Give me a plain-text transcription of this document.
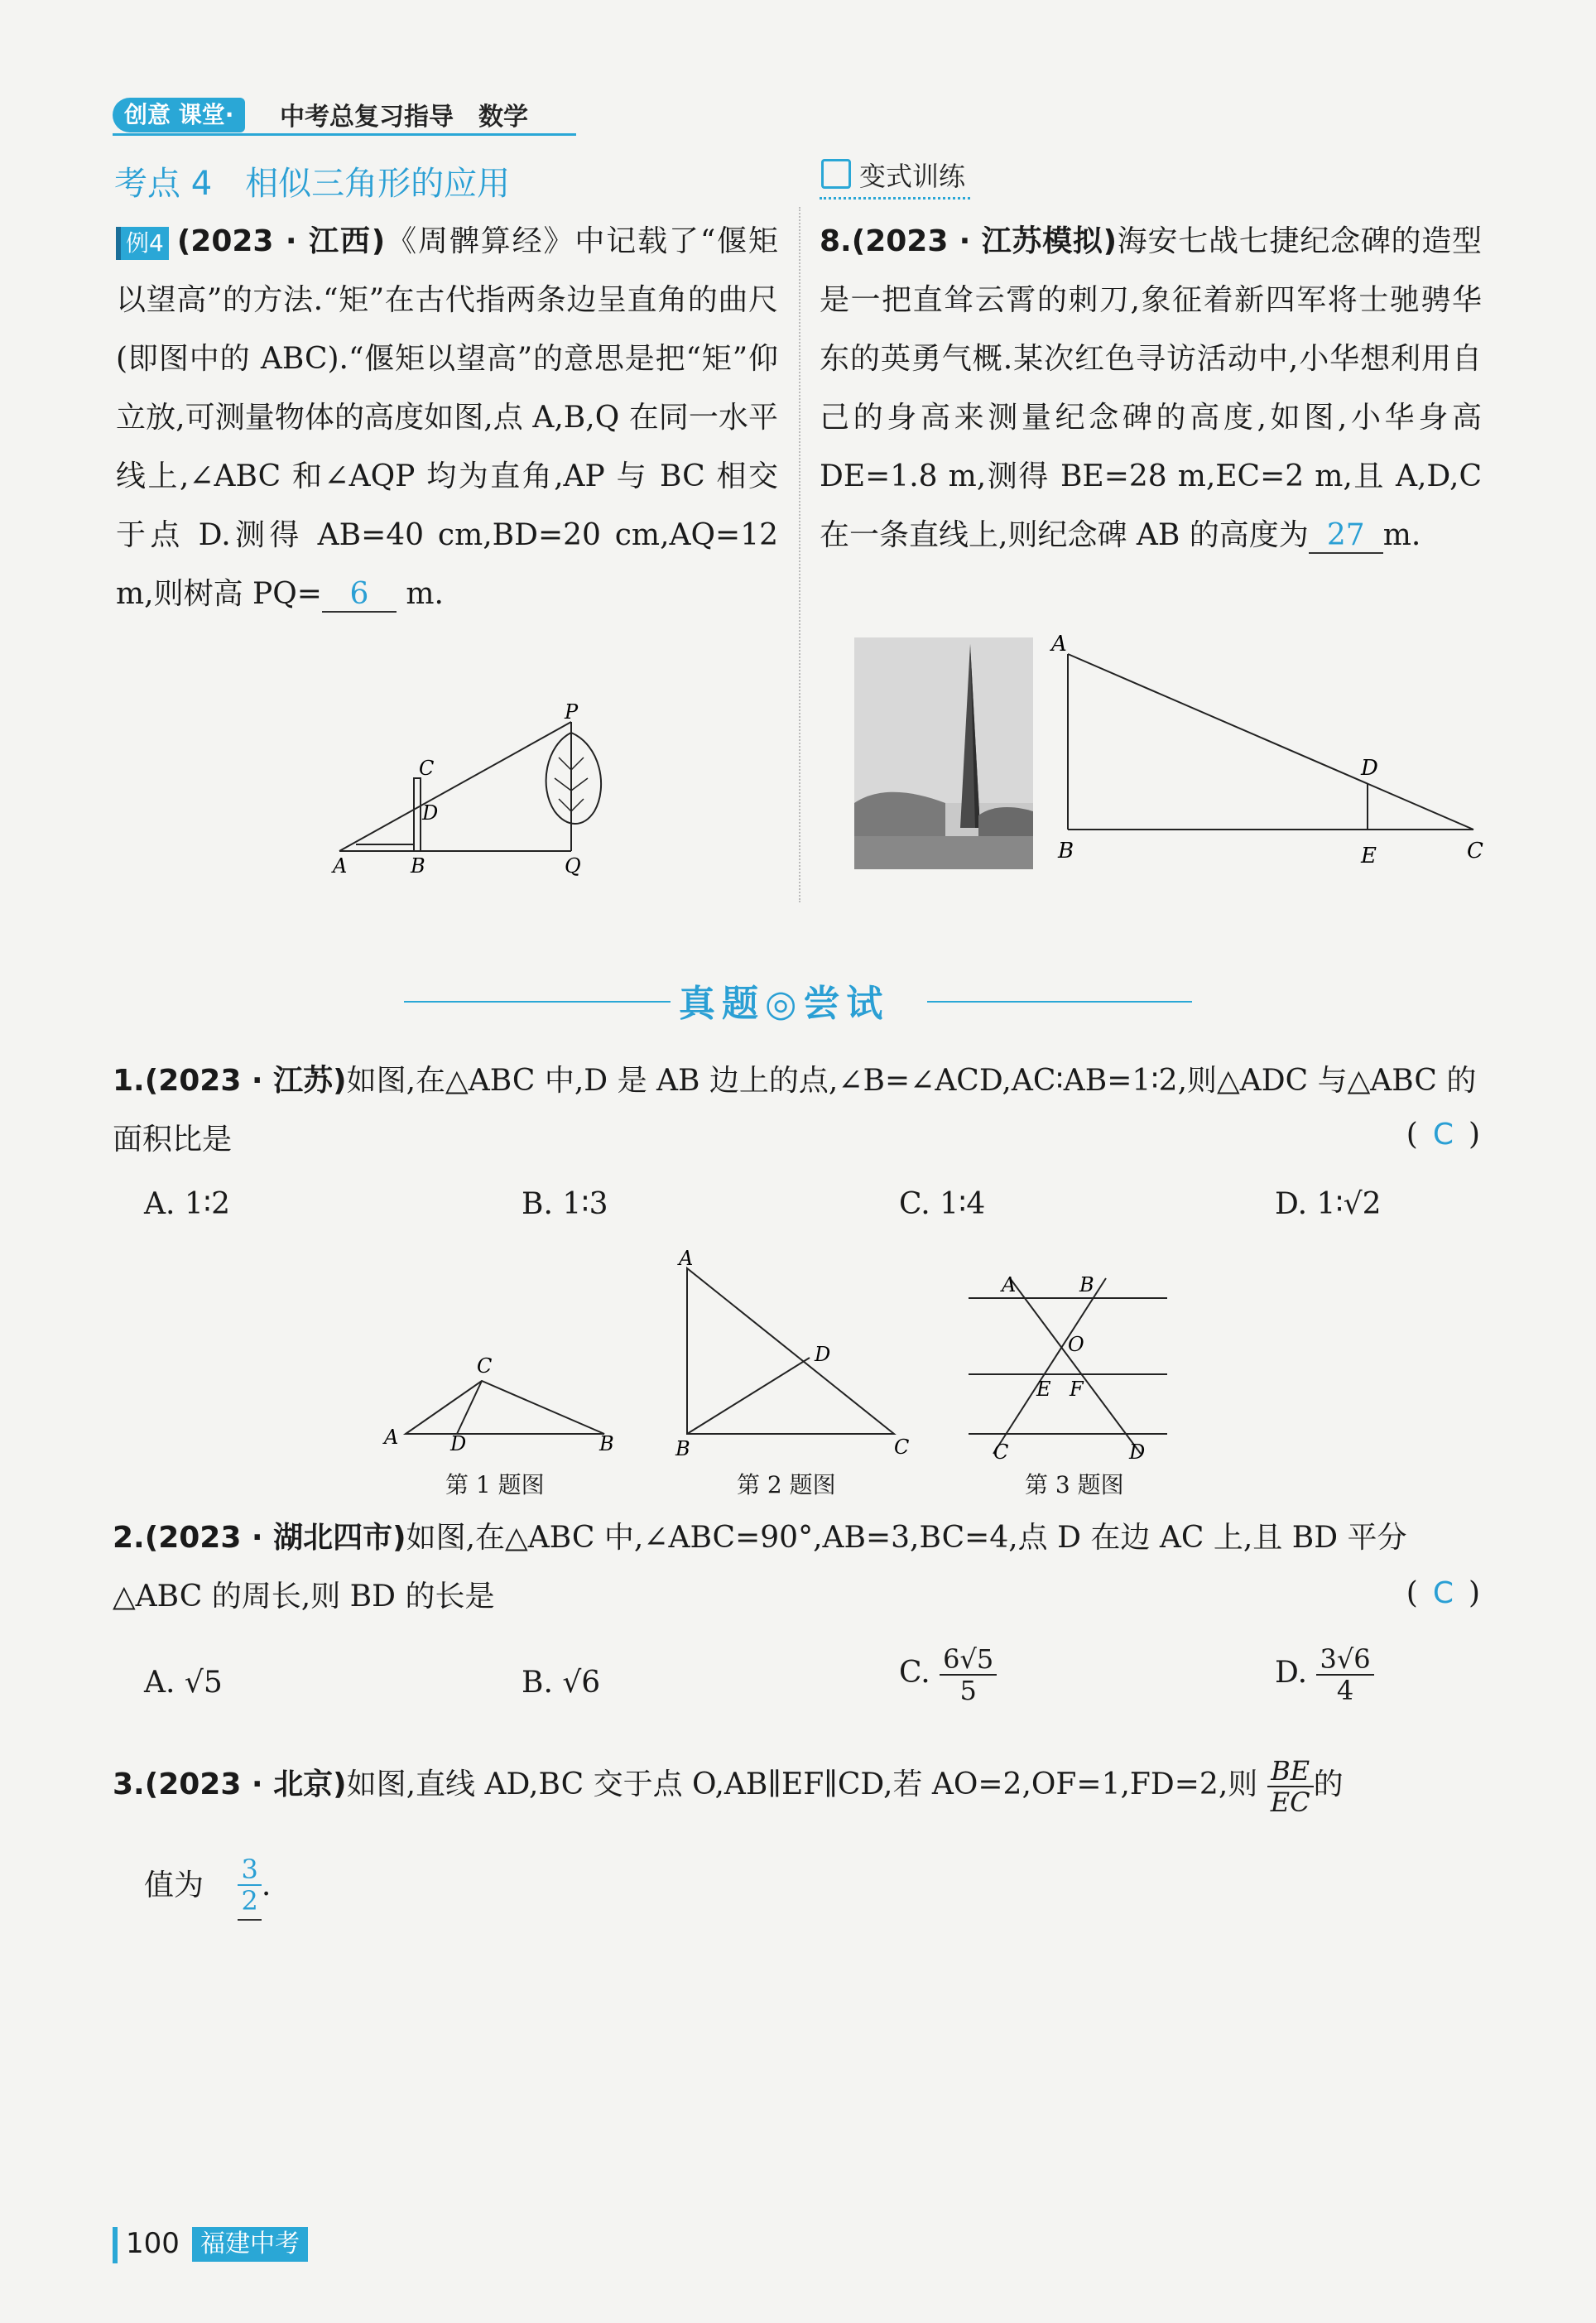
创意 课堂·	中考总复习指导　数学
考点 4　相似三角形的应用	变式训练
例4 (2023 · 江西)《周髀算经》中记载了“偃矩以望高”的方法.“矩”在古代指两条边呈直角的曲尺(即图中的 ABC).“偃矩以望高”的意思是把“矩”仰立放,可测量物体的高度如图,点 A,B,Q 在同一水平线上,∠ABC 和∠AQP 均为直角,AP 与 BC 相交于点 D.测得 AB=40 cm,BD=20 cm,AQ=12 m,则树高 PQ= 6 m.
P
C
D
A	B	Q
8.(2023 · 江苏模拟)海安七战七捷纪念碑的造型是一把直耸云霄的刺刀,象征着新四军将士驰骋华东的英勇气概.某次红色寻访活动中,小华想利用自己的身高来测量纪念碑的高度,如图,小华身高 DE=1.8 m,测得 BE=28 m,EC=2 m,且 A,D,C 在一条直线上,则纪念碑 AB 的高度为 27 m.
A
D
B	E	C
真题◎尝试
1.(2023 · 江苏)如图,在△ABC 中,D 是 AB 边上的点,∠B=∠ACD,AC∶AB=1∶2,则△ADC 与△ABC 的面积比是	( C )
A. 1∶2	B. 1∶3	C. 1∶4	D. 1∶√2
C
A	D	B
第 1 题图
A
D
B	C
第 2 题图
A	B
O
E F
C	D
第 3 题图
2.(2023 · 湖北四市)如图,在△ABC 中,∠ABC=90°,AB=3,BC=4,点 D 在边 AC 上,且 BD 平分△ABC 的周长,则 BD 的长是	( C )
A. √5	B. √6	C. $\frac{6√5}{5}$	D. $\frac{3√6}{4}$
3.(2023 · 北京)如图,直线 AD,BC 交于点 O,AB∥EF∥CD,若 AO=2,OF=1,FD=2,则 $\frac{BE}{EC}$ 的
值为 $\frac{3}{2}$ .
100 福建中考
